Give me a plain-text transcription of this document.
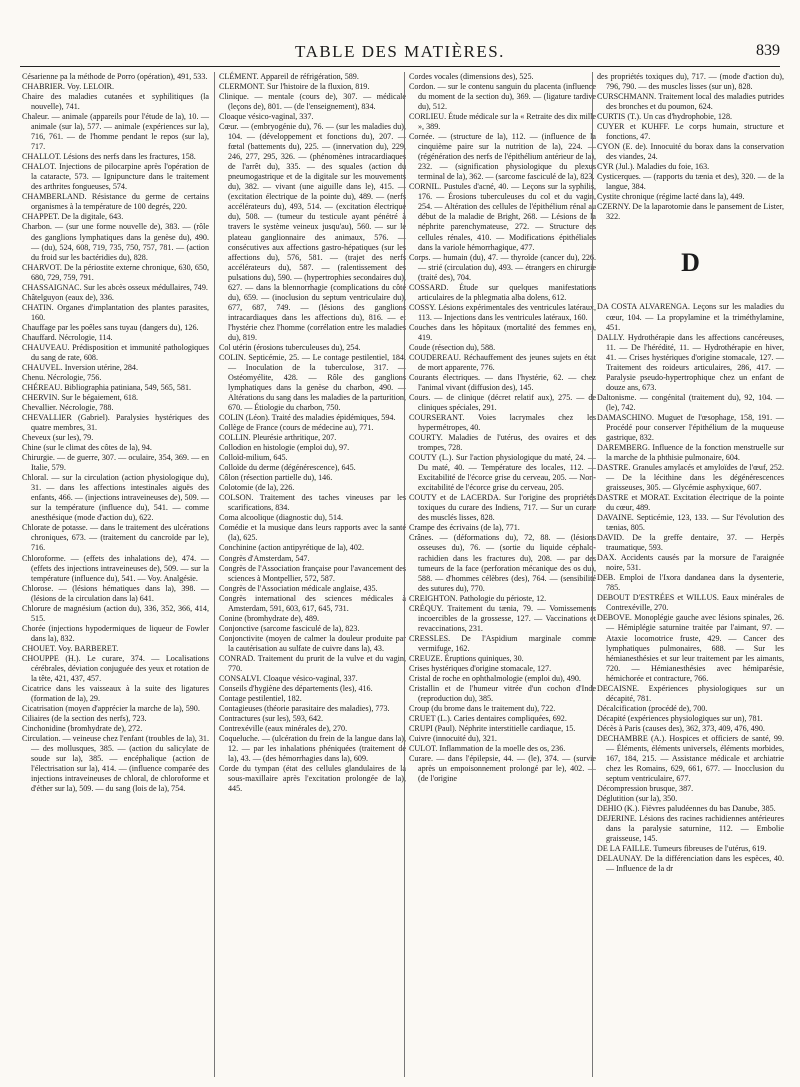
TABLE DES MATIÈRES.	839

Césarienne pa la méthode de Porro (opération), 491, 533.

CHABRIER. Voy. LELOIR.

Chaire des maladies cutanées et syphilitiques (la nouvelle), 741.

Chaleur. — animale (appareils pour l'étude de la), 10. — animale (sur la), 577. — animale (expériences sur la), 716, 761. — de l'homme pendant le repos (sur la), 717.

CHALLOT. Lésions des nerfs dans les fractures, 158.

CHALOT. Injections de pilocarpine après l'opération de la cataracte, 573. — Ignipuncture dans le traitement des arthrites fongueuses, 574.

CHAMBERLAND. Résistance du germe de certains organismes à la température de 100 degrés, 220.

CHAPPET. De la digitale, 643.

Charbon. — (sur une forme nouvelle de), 383. — (rôle des ganglions lymphatiques dans la genèse du), 490. — (du), 524, 608, 719, 735, 750, 757, 781. — (action du froid sur les bactéridies du), 828.

CHARVOT. De la périostite externe chronique, 630, 650, 680, 729, 759, 791.

CHASSAIGNAC. Sur les abcès osseux médullaires, 749.

Châtelguyon (eaux de), 336.

CHATIN. Organes d'implantation des plantes parasites, 160.

Chauffage par les poêles sans tuyau (dangers du), 126.

Chauffard. Nécrologie, 114.

CHAUVEAU. Prédisposition et immunité pathologiques du sang de rate, 608.

CHAUVEL. Inversion utérine, 284.

Chenu. Nécrologie, 756.

CHÉREAU. Bibliographia patiniana, 549, 565, 581.

CHERVIN. Sur le bégaiement, 618.

Chevallier. Nécrologie, 788.

CHEVALLIER (Gabriel). Paralysies hystériques des quatre membres, 31.

Cheveux (sur les), 79.

Chine (sur le climat des côtes de la), 94.

Chirurgie. — de guerre, 307. — oculaire, 354, 369. — en Italie, 579.

Chloral. — sur la circulation (action physiologique du), 31. — dans les affections intestinales aiguës des enfants, 466. — (injections intraveineuses de), 509. — sur la température (influence du), 541. — comme anesthésique (mode d'action du), 622.

Chlorate de potasse. — dans le traitement des ulcérations chroniques, 673. — (traitement du cancroïde par le), 716.

Chloroforme. — (effets des inhalations de), 474. — (effets des injections intraveineuses de), 509. — sur la température (influence du), 541. — Voy. Analgésie.

Chlorose. — (lésions hématiques dans la), 398. — (lésions de la circulation dans la) 641.

Chlorure de magnésium (action du), 336, 352, 366, 414, 515.

Chorée (injections hypodermiques de liqueur de Fowler dans la), 832.

CHOUET. Voy. BARBERET.

CHOUPPE (H.). Le curare, 374. — Localisations cérébrales, déviation conjuguée des yeux et rotation de la tête, 421, 437, 457.

Cicatrice dans les vaisseaux à la suite des ligatures (formation de la), 29.

Cicatrisation (moyen d'apprécier la marche de la), 590.

Ciliaires (de la section des nerfs), 723.

Cinchonidine (bromhydrate de), 272.

Circulation. — veineuse chez l'enfant (troubles de la), 31. — des mollusques, 385. — (action du salicylate de soude sur la), 385. — encéphalique (action de l'électrisation sur la), 414. — (influence comparée des injections intraveineuses de chloral, de chloroforme et d'éther sur la), 509. — du sang (lois de la), 754.

CLÉMENT. Appareil de réfrigération, 589.

CLERMONT. Sur l'histoire de la fluxion, 819.

Clinique. — mentale (cours de), 307. — médicale (leçons de), 801. — (de l'enseignement), 834.

Cloaque vésico-vaginal, 337.

Cœur. — (embryogénie du), 76. — (sur les maladies du), 104. — (développement et fonctions du), 207. — fœtal (battements du), 225. — (innervation du), 229, 246, 277, 295, 326. — (phénomènes intracardiaques de l'arrêt du), 335. — des squales (action du pneumogastrique et de la digitale sur les mouvements du), 382. — vivant (une aiguille dans le), 415. — (excitation électrique de la pointe du), 489. — (nerfs accélérateurs du), 493, 514. — (excitation électrique du), 508. — (tumeur du testicule ayant pénétré à travers le système veineux jusqu'au), 560. — sur le plateau ganglionnaire des animaux, 576. — consécutives aux affections gastro-hépatiques (sur les affections du), 576, 581. — (trajet des nerfs accélérateurs du), 587. — (ralentissement des pulsations du), 590. — (hypertrophies secondaires du), 627. — dans la blennorrhagie (complications du côté du), 659. — (inoclusion du septum ventriculaire du), 677, 687, 749. — (lésions des ganglions intracardiaques dans les affections du), 816. — et l'hystérie chez l'homme (corrélation entre les maladies du), 819.

Col utérin (érosions tuberculeuses du), 254.

COLIN. Septicémie, 25. — Le contage pestilentiel, 184. — Inoculation de la tuberculose, 317. — Ostéomyélite, 428. — Rôle des ganglions lymphatiques dans la genèse du charbon, 490. — Altérations du sang dans les maladies de la parturition, 670. — Étiologie du charbon, 750.

COLIN (Léon). Traité des maladies épidémiques, 594.

Collège de France (cours de médecine au), 771.

COLLIN. Pleurésie arthritique, 207.

Collodion en histologie (emploi du), 97.

Colloïd-milium, 645.

Colloïde du derme (dégénérescence), 645.

Côlon (résection partielle du), 146.

Colotomie (de la), 226.

COLSON. Traitement des taches vineuses par les scarifications, 834.

Coma alcoolique (diagnostic du), 514.

Comédie et la musique dans leurs rapports avec la santé (la), 625.

Conchinine (action antipyrétique de la), 402.

Congrès d'Amsterdam, 547.

Congrès de l'Association française pour l'avancement des sciences à Montpellier, 572, 587.

Congrès de l'Association médicale anglaise, 435.

Congrès international des sciences médicales à Amsterdam, 591, 603, 617, 645, 731.

Conine (bromhydrate de), 489.

Conjonctive (sarcome fasciculé de la), 823.

Conjonctivite (moyen de calmer la douleur produite par la cautérisation au sulfate de cuivre dans la), 43.

CONRAD. Traitement du prurit de la vulve et du vagin, 770.

CONSALVI. Cloaque vésico-vaginal, 337.

Conseils d'hygiène des départements (les), 416.

Contage pestilentiel, 182.

Contagieuses (théorie parasitaire des maladies), 773.

Contractures (sur les), 593, 642.

Contrexéville (eaux minérales de), 270.

Coqueluche. — (ulcération du frein de la langue dans la), 12. — par les inhalations phéniquées (traitement de la), 43. — (des hémorrhagies dans la), 609.

Corde du tympan (état des cellules glandulaires de la sous-maxillaire après l'excitation prolongée de la), 445.

Cordes vocales (dimensions des), 525.

Cordon. — sur le contenu sanguin du placenta (influence du moment de la section du), 369. — (ligature tardive du), 512.

CORLIEU. Étude médicale sur la « Retraite des dix mille », 389.

Cornée. — (structure de la), 112. — (influence de la cinquième paire sur la nutrition de la), 224. — (régénération des nerfs de l'épithélium antérieur de la), 232. — (signification physiologique du plexus terminal de la), 362. — (sarcome fasciculé de la), 823.

CORNIL. Pustules d'acné, 40. — Leçons sur la syphilis, 176. — Érosions tuberculeuses du col et du vagin, 254. — Altération des cellules de l'épithélium rénal au début de la maladie de Bright, 268. — Lésions de la néphrite parenchymateuse, 272. — Structure des cellules rénales, 410. — Modifications épithéliales dans la variole hémorrhagique, 477.

Corps. — humain (du), 47. — thyroïde (cancer du), 226. — strié (circulation du), 493. — étrangers en chirurgie (traité des), 704.

COSSARD. Étude sur quelques manifestations articulaires de la phlegmatia alba dolens, 612.

COSSY. Lésions expérimentales des ventricules latéraux, 113. — Injections dans les ventricules latéraux, 160.

Couches dans les hôpitaux (mortalité des femmes en), 419.

Coude (résection du), 588.

COUDEREAU. Réchauffement des jeunes sujets en état de mort apparente, 776.

Courants électriques. — dans l'hystérie, 62. — chez l'animal vivant (diffusion des), 145.

Cours. — de clinique (décret relatif aux), 275. — de cliniques spéciales, 291.

COURSERANT. Voies lacrymales chez les hypermétropes, 40.

COURTY. Maladies de l'utérus, des ovaires et des trompes, 728.

COUTY (L.). Sur l'action physiologique du maté, 24. — Du maté, 40. — Température des locales, 112. — Excitabilité de l'écorce grise du cerveau, 205. — Non-excitabilité de l'écorce grise du cerveau, 205.

COUTY et de LACERDA. Sur l'origine des propriétés toxiques du curare des Indiens, 717. — Sur un curare des musclés lisses, 828.

Crampe des écrivains (de la), 771.

Crânes. — (déformations du), 72, 88. — (lésions osseuses du), 76. — (sortie du liquide céphalo-rachidien dans les fractures du), 208. — par des tumeurs de la face (perforation mécanique des os du), 588. — d'hommes célèbres (des), 764. — (sensibilité des sutures du), 770.

CREIGHTON. Pathologie du périoste, 12.

CRÉQUY. Traitement du tænia, 79. — Vomissements incoercibles de la grossesse, 127. — Vaccinations et revaccinations, 231.

CRESSLES. De l'Aspidium marginale comme vermifuge, 162.

CREUZE. Éruptions quiniques, 30.

Crises hystériques d'origine stomacale, 127.

Cristal de roche en ophthalmologie (emploi du), 490.

Cristallin et de l'humeur vitrée d'un cochon d'Inde (reproduction du), 385.

Croup (du brome dans le traitement du), 722.

CRUET (L.). Caries dentaires compliquées, 692.

CRUPI (Paul). Néphrite interstitielle cardiaque, 15.

Cuivre (innocuité du), 321.

CULOT. Inflammation de la moelle des os, 236.

Curare. — dans l'épilepsie, 44. — (le), 374. — (survie après un empoisonnement prolongé par le), 402. — (de l'origine

des propriétés toxiques du), 717. — (mode d'action du), 796, 790. — des muscles lisses (sur un), 828.

CURSCHMANN. Traitement local des maladies putrides des bronches et du poumon, 624.

CURTIS (T.). Un cas d'hydrophobie, 128.

CUYER et KUHFF. Le corps humain, structure et fonctions, 47.

CYON (E. de). Innocuité du borax dans la conservation des viandes, 24.

CYR (Jul.). Maladies du foie, 163.

Cysticerques. — (rapports du tænia et des), 320. — de la langue, 384.

Cystite chronique (régime lacté dans la), 449.

CZERNY. De la laparotomie dans le pansement de Lister, 322.

D

DA COSTA ALVARENGA. Leçons sur les maladies du cœur, 104. — La propylamine et la triméthylamine, 451.

DALLY. Hydrothérapie dans les affections cancéreuses, 11. — De l'hérédité, 11. — Hydrothérapie en hiver, 41. — Crises hystériques d'origine stomacale, 127. — Traitement des roideurs articulaires, 286, 417. — Paralysie pseudo-hypertrophique chez un enfant de douze ans, 673.

Daltonisme. — congénital (traitement du), 92, 104. — (le), 742.

DAMASCHINO. Muguet de l'œsophage, 158, 191. — Procédé pour conserver l'épithélium de la muqueuse gastrique, 832.

DAREMBERG. Influence de la fonction menstruelle sur la marche de la phthisie pulmonaire, 604.

DASTRE. Granules amylacés et amyloïdes de l'œuf, 252. — De la lécithine dans les dégénérescences graisseuses, 305. — Glycémie asphyxique, 607.

DASTRE et MORAT. Excitation électrique de la pointe du cœur, 489.

DAVAINE. Septicémie, 123, 133. — Sur l'évolution des tænias, 805.

DAVID. De la greffe dentaire, 37. — Herpès traumatique, 593.

DAX. Accidents causés par la morsure de l'araignée noire, 531.

DEB. Emploi de l'Ixora dandanea dans la dysenterie, 785.

DEBOUT D'ESTRÉES et WILLUS. Eaux minérales de Contrexéville, 270.

DEBOVE. Monoplégie gauche avec lésions spinales, 26. — Hémiplégie saturnine traitée par l'aimant, 97. — Ataxie locomotrice fruste, 429. — Cancer des lymphatiques pulmonaires, 688. — Sur les hémianesthésies et sur leur traitement par les aimants, 720. — Hémianesthésies avec hémiparésie, hémichorée et contracture, 766.

DECAISNE. Expériences physiologiques sur un décapité, 781.

Décalcification (procédé de), 700.

Décapité (expériences physiologiques sur un), 781.

Décès à Paris (causes des), 362, 373, 409, 476, 490.

DECHAMBRE (A.). Hospices et officiers de santé, 99. — Éléments, éléments universels, éléments morbides, 167, 184, 215. — Assistance médicale et archiatrie chez les Romains, 629, 661, 677. — Inocclusion du septum ventriculaire, 677.

Décompression brusque, 387.

Déglutition (sur la), 350.

DEHIO (K.). Fièvres paludéennes du bas Danube, 385.

DEJERINE. Lésions des racines rachidiennes antérieures dans la paralysie saturnine, 112. — Embolie graisseuse, 145.

DE LA FAILLE. Tumeurs fibreuses de l'utérus, 619.

DELAUNAY. De la différenciation dans les espèces, 40. — Influence de la dr
